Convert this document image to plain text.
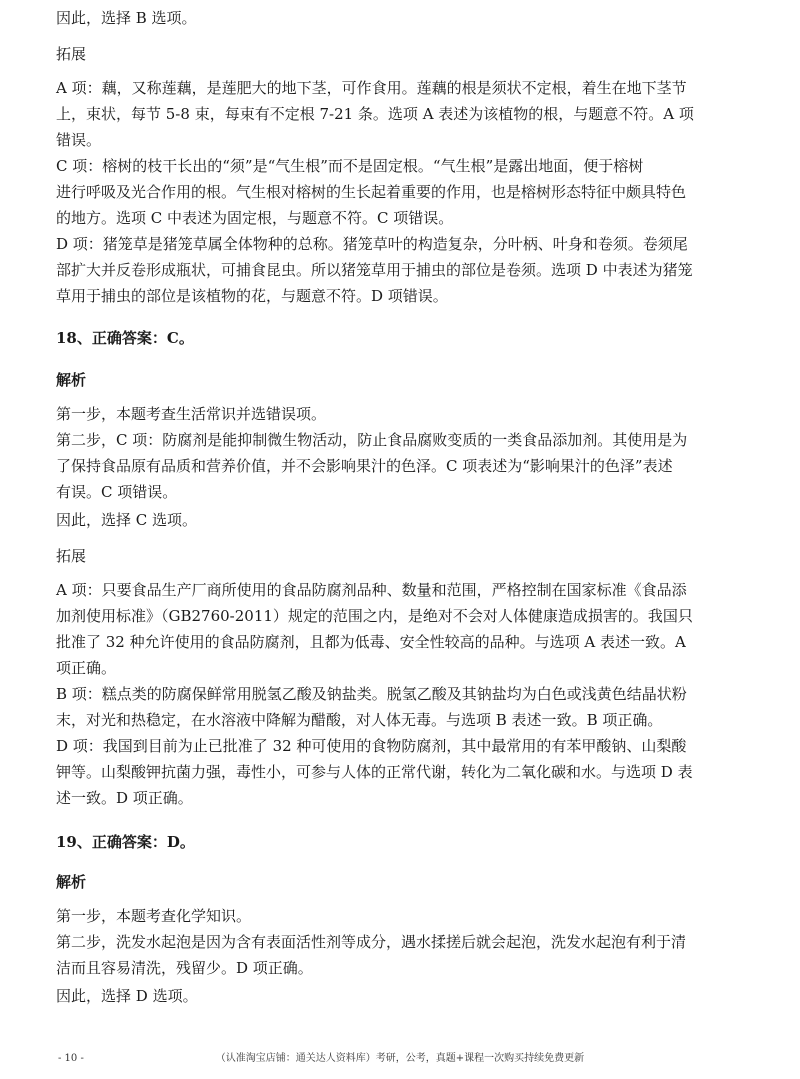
因此，选择 B 选项。
拓展
A 项：藕，又称莲藕，是莲肥大的地下茎，可作食用。莲藕的根是须状不定根，着生在地下茎节
上，束状，每节 5-8 束，每束有不定根 7-21 条。选项 A 表述为该植物的根，与题意不符。A 项
错误。
C 项：榕树的枝干长出的“须”是“气生根”而不是固定根。“气生根”是露出地面，便于榕树
进行呼吸及光合作用的根。气生根对榕树的生长起着重要的作用，也是榕树形态特征中颇具特色
的地方。选项 C 中表述为固定根，与题意不符。C 项错误。
D 项：猪笼草是猪笼草属全体物种的总称。猪笼草叶的构造复杂，分叶柄、叶身和卷须。卷须尾
部扩大并反卷形成瓶状，可捕食昆虫。所以猪笼草用于捕虫的部位是卷须。选项 D 中表述为猪笼
草用于捕虫的部位是该植物的花，与题意不符。D 项错误。
18、正确答案：C。
解析
第一步，本题考查生活常识并选错误项。
第二步，C 项：防腐剂是能抑制微生物活动，防止食品腐败变质的一类食品添加剂。其使用是为
了保持食品原有品质和营养价值，并不会影响果汁的色泽。C 项表述为“影响果汁的色泽”表述
有误。C 项错误。
因此，选择 C 选项。
拓展
A 项：只要食品生产厂商所使用的食品防腐剂品种、数量和范围，严格控制在国家标准《食品添
加剂使用标准》（GB2760-2011）规定的范围之内，是绝对不会对人体健康造成损害的。我国只
批准了 32 种允许使用的食品防腐剂，且都为低毒、安全性较高的品种。与选项 A 表述一致。A
项正确。
B 项：糕点类的防腐保鲜常用脱氢乙酸及钠盐类。脱氢乙酸及其钠盐均为白色或浅黄色结晶状粉
末，对光和热稳定，在水溶液中降解为醋酸，对人体无毒。与选项 B 表述一致。B 项正确。
D 项：我国到目前为止已批准了 32 种可使用的食物防腐剂，其中最常用的有苯甲酸钠、山梨酸
钾等。山梨酸钾抗菌力强，毒性小，可参与人体的正常代谢，转化为二氧化碳和水。与选项 D 表
述一致。D 项正确。
19、正确答案：D。
解析
第一步，本题考查化学知识。
第二步，洗发水起泡是因为含有表面活性剂等成分，遇水揉搓后就会起泡，洗发水起泡有利于清
洁而且容易清洗，残留少。D 项正确。
因此，选择 D 选项。
- 10 -	（认准淘宝店铺：通关达人资料库）考研，公考，真题+课程一次购买持续免费更新
